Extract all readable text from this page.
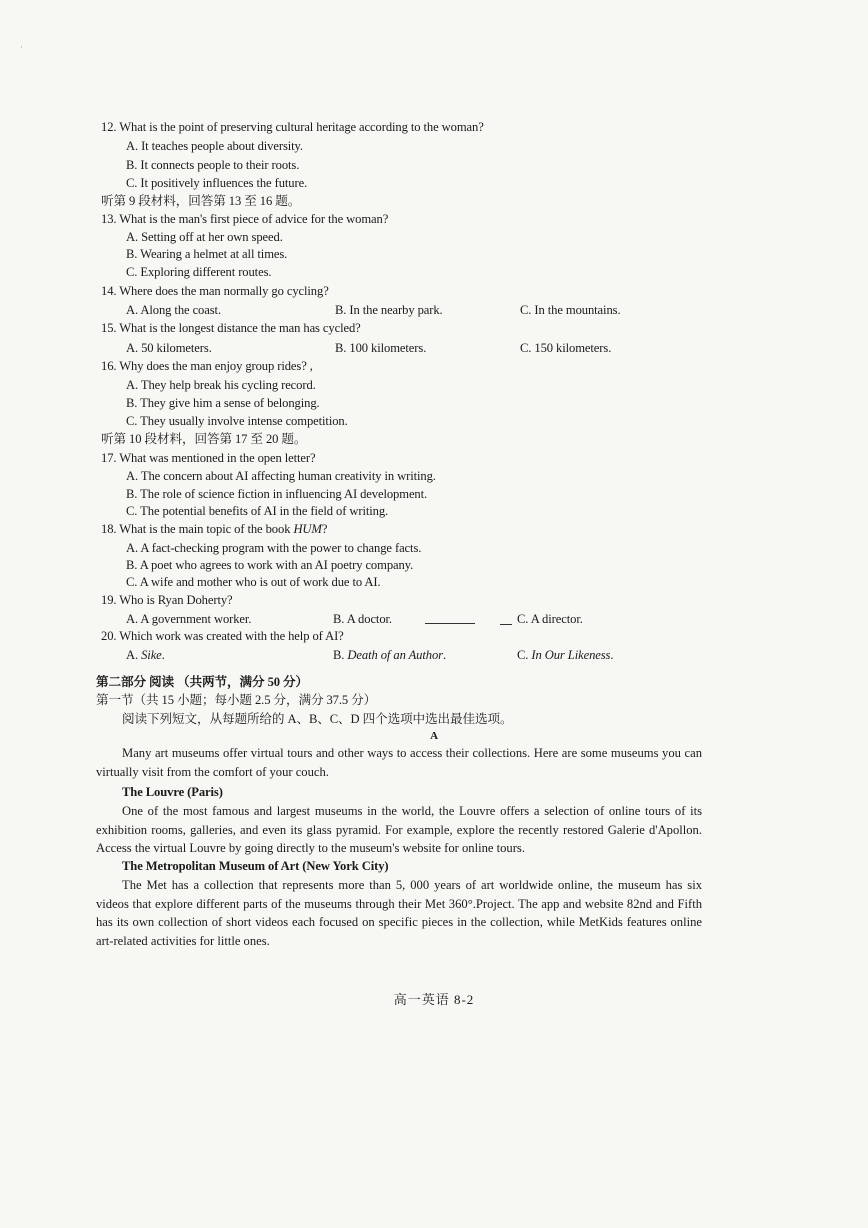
12. What is the point of preserving cultural heritage according to the woman?
A. It teaches people about diversity.
B. It connects people to their roots.
C. It positively influences the future.
听第 9 段材料，回答第 13 至 16 题。
13. What is the man's first piece of advice for the woman?
A. Setting off at her own speed.
B. Wearing a helmet at all times.
C. Exploring different routes.
14. Where does the man normally go cycling?
A. Along the coast.	B. In the nearby park.	C. In the mountains.
15. What is the longest distance the man has cycled?
A. 50 kilometers.	B. 100 kilometers.	C. 150 kilometers.
16. Why does the man enjoy group rides? ,
A. They help break his cycling record.
B. They give him a sense of belonging.
C. They usually involve intense competition.
听第 10 段材料，回答第 17 至 20 题。
17. What was mentioned in the open letter?
A. The concern about AI affecting human creativity in writing.
B. The role of science fiction in influencing AI development.
C. The potential benefits of AI in the field of writing.
18. What is the main topic of the book HUM?
A. A fact-checking program with the power to change facts.
B. A poet who agrees to work with an AI poetry company.
C. A wife and mother who is out of work due to AI.
19. Who is Ryan Doherty?
A. A government worker.	B. A doctor.	C. A director.
20. Which work was created with the help of AI?
A. Sike.	B. Death of an Author.	C. In Our Likeness.
第二部分 阅读 （共两节，满分 50 分）
第一节（共 15 小题；每小题 2.5 分，满分 37.5 分）
阅读下列短文，从每题所给的 A、B、C、D 四个选项中选出最佳选项。
A
Many art museums offer virtual tours and other ways to access their collections. Here are some museums you can virtually visit from the comfort of your couch.
The Louvre (Paris)
One of the most famous and largest museums in the world, the Louvre offers a selection of online tours of its exhibition rooms, galleries, and even its glass pyramid. For example, explore the recently restored Galerie d'Apollon. Access the virtual Louvre by going directly to the museum's website for online tours.
The Metropolitan Museum of Art (New York City)
The Met has a collection that represents more than 5, 000 years of art worldwide online, the museum has six videos that explore different parts of the museums through their Met 360°.Project. The app and website 82nd and Fifth has its own collection of short videos each focused on specific pieces in the collection, while MetKids features online art-related activities for little ones.
高一英语 8-2
·
